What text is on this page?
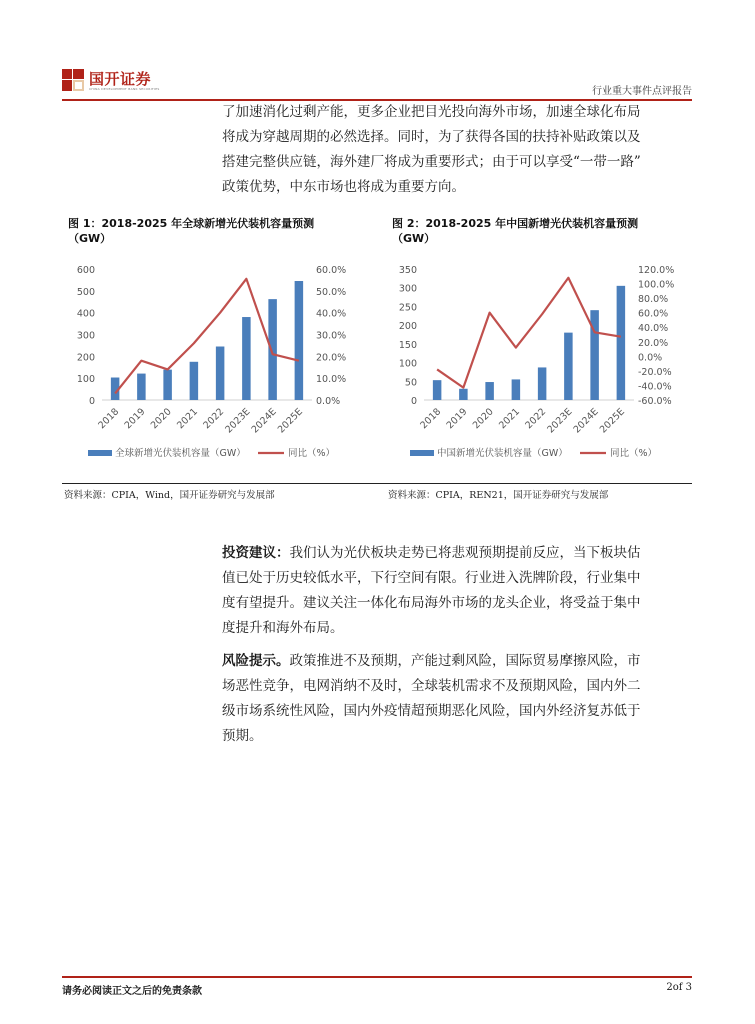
国开证券
CHINA DEVELOPMENT BANK SECURITIES	行业重大事件点评报告
了加速消化过剩产能，更多企业把目光投向海外市场，加速全球化布局
将成为穿越周期的必然选择。同时，为了获得各国的扶持补贴政策以及
搭建完整供应链，海外建厂将成为重要形式；由于可以享受“一带一路”
政策优势，中东市场也将成为重要方向。
图 1：2018-2025 年全球新增光伏装机容量预测
（GW）
图 2：2018-2025 年中国新增光伏装机容量预测
（GW）
0
100
200
300
400
500
600
0.0%
10.0%
20.0%
30.0%
40.0%
50.0%
60.0%
2018 2019 2020 2021 2022
2023E
2024E
2025E
全球新增光伏装机容量（GW）	同比（%）
0
50
100
150
200
250
300
350
-60.0%
-40.0%
-20.0%
0.0%
20.0%
40.0%
60.0%
80.0%
100.0%
120.0%
2018 2019 2020 2021 2022
2023E
2024E
2025E
中国新增光伏装机容量（GW）	同比（%）
资料来源：CPIA，Wind，国开证券研究与发展部	资料来源：CPIA，REN21，国开证券研究与发展部
投资建议：我们认为光伏板块走势已将悲观预期提前反应，当下板块估
值已处于历史较低水平，下行空间有限。行业进入洗牌阶段，行业集中
度有望提升。建议关注一体化布局海外市场的龙头企业，将受益于集中
度提升和海外布局。
风险提示。政策推进不及预期，产能过剩风险，国际贸易摩擦风险，市
场恶性竞争，电网消纳不及时，全球装机需求不及预期风险，国内外二
级市场系统性风险，国内外疫情超预期恶化风险，国内外经济复苏低于
预期。
请务必阅读正文之后的免责条款	2of 3
